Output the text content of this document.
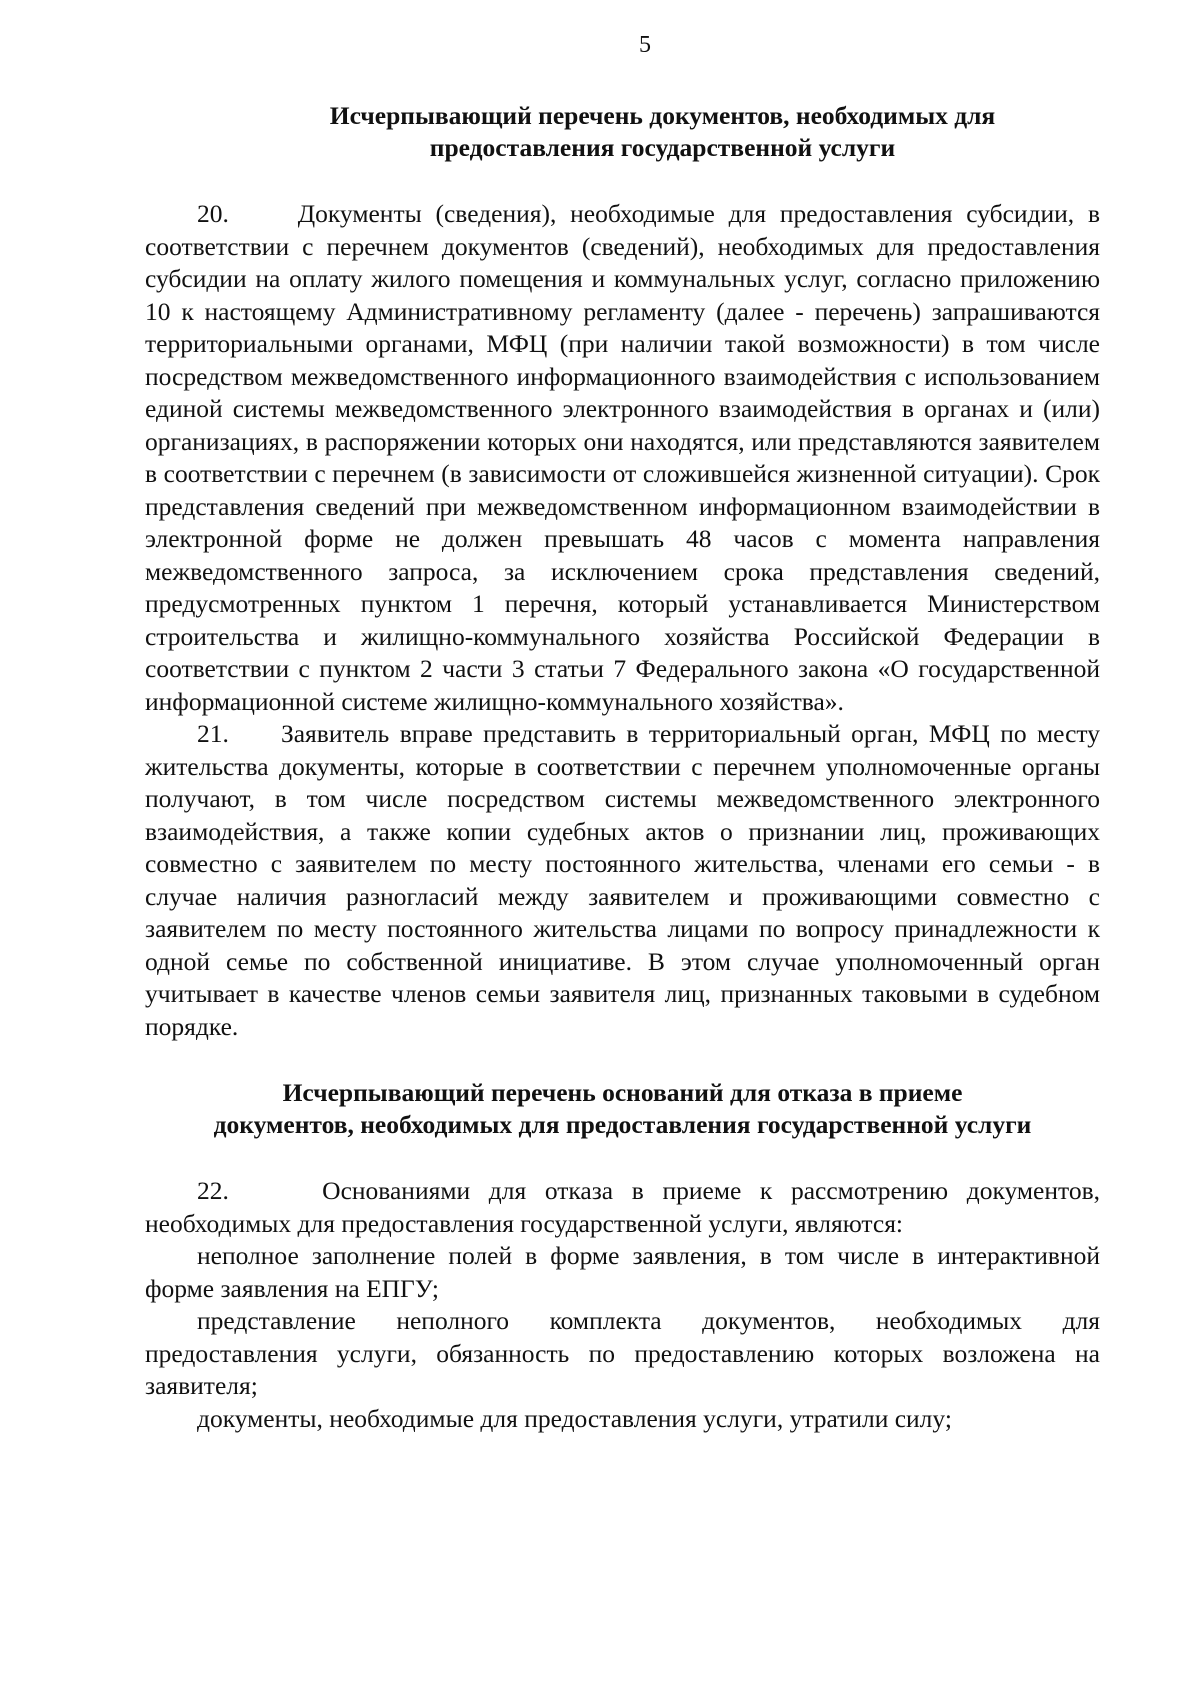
5
Исчерпывающий перечень документов, необходимых для
предоставления государственной услуги

20.     Документы (сведения), необходимые для предоставления субсидии, в соответствии с перечнем документов (сведений), необходимых для предоставления субсидии на оплату жилого помещения и коммунальных услуг, согласно приложению 10 к настоящему Административному регламенту (далее - перечень) запрашиваются территориальными органами, МФЦ (при наличии такой возможности) в том числе посредством межведомственного информационного взаимодействия с использованием единой системы межведомственного электронного взаимодействия в органах и (или) организациях, в распоряжении которых они находятся, или представляются заявителем в соответствии с перечнем (в зависимости от сложившейся жизненной ситуации). Срок представления сведений при межведомственном информационном взаимодействии в электронной форме не должен превышать 48 часов с момента направления межведомственного запроса, за исключением срока представления сведений, предусмотренных пунктом 1 перечня, который устанавливается Министерством строительства и жилищно-коммунального хозяйства Российской Федерации в соответствии с пунктом 2 части 3 статьи 7 Федерального закона «О государственной информационной системе жилищно-коммунального хозяйства».

21.     Заявитель вправе представить в территориальный орган, МФЦ по месту жительства документы, которые в соответствии с перечнем уполномоченные органы получают, в том числе посредством системы межведомственного электронного взаимодействия, а также копии судебных актов о признании лиц, проживающих совместно с заявителем по месту постоянного жительства, членами его семьи - в случае наличия разногласий между заявителем и проживающими совместно с заявителем по месту постоянного жительства лицами по вопросу принадлежности к одной семье по собственной инициативе. В этом случае уполномоченный орган учитывает в качестве членов семьи заявителя лиц, признанных таковыми в судебном порядке.

Исчерпывающий перечень оснований для отказа в приеме
документов, необходимых для предоставления государственной услуги

22.     Основаниями для отказа в приеме к рассмотрению документов, необходимых для предоставления государственной услуги, являются:

неполное заполнение полей в форме заявления, в том числе в интерактивной форме заявления на ЕПГУ;

представление неполного комплекта документов, необходимых для предоставления услуги, обязанность по предоставлению которых возложена на заявителя;

документы, необходимые для предоставления услуги, утратили силу;
